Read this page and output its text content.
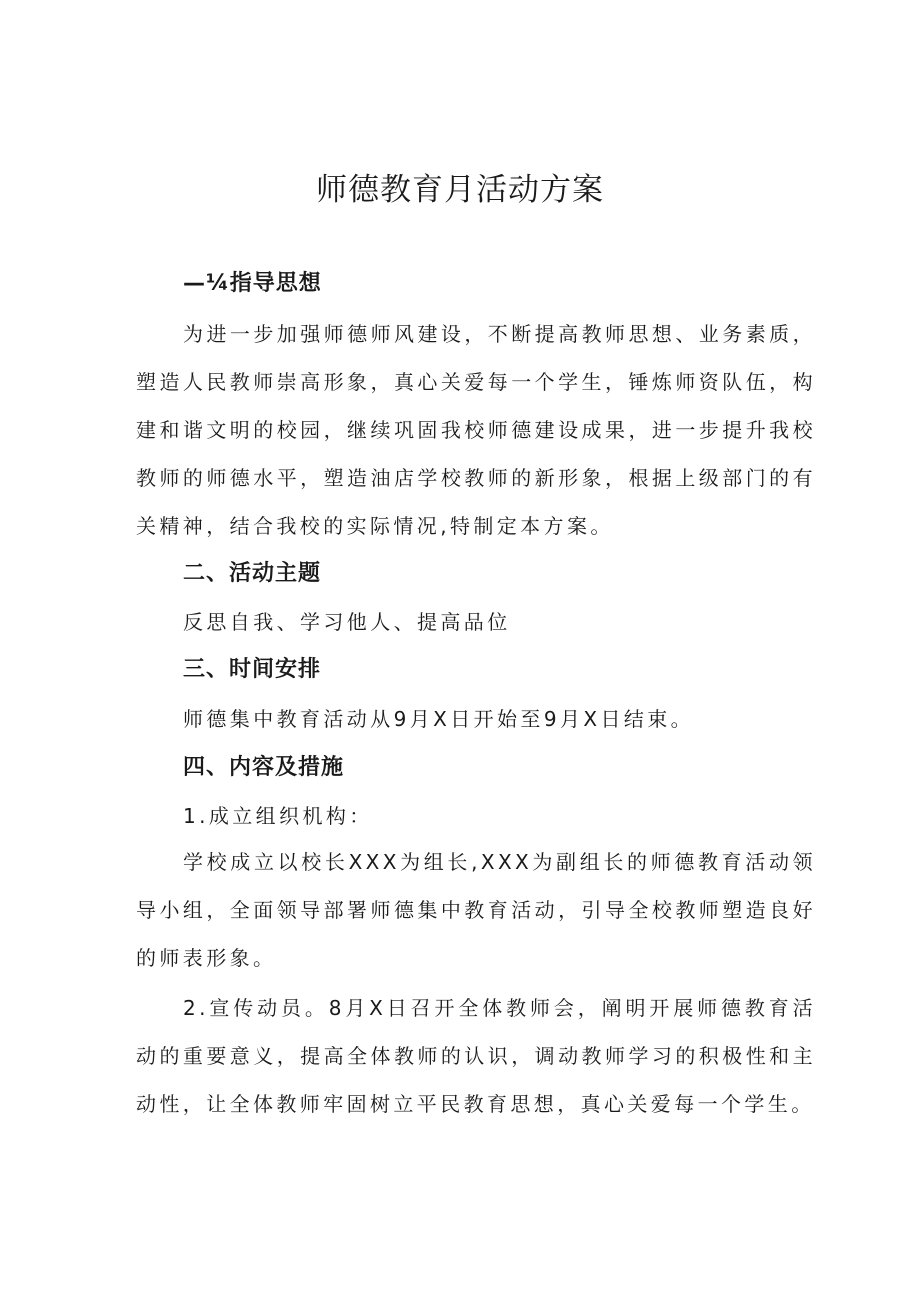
师德教育月活动方案
—¼指导思想

为进一步加强师德师风建设，不断提高教师思想、业务素质，塑造人民教师崇高形象，真心关爱每一个学生，锤炼师资队伍，构建和谐文明的校园，继续巩固我校师德建设成果，进一步提升我校教师的师德水平，塑造油店学校教师的新形象，根据上级部门的有关精神，结合我校的实际情况,特制定本方案。

二、活动主题

反思自我、学习他人、提高品位

三、时间安排

师德集中教育活动从9月X日开始至9月X日结束。

四、内容及措施

1.成立组织机构：

学校成立以校长XXX为组长,XXX为副组长的师德教育活动领导小组，全面领导部署师德集中教育活动，引导全校教师塑造良好的师表形象。

2.宣传动员。8月X日召开全体教师会，阐明开展师德教育活动的重要意义，提高全体教师的认识，调动教师学习的积极性和主动性，让全体教师牢固树立平民教育思想，真心关爱每一个学生。
